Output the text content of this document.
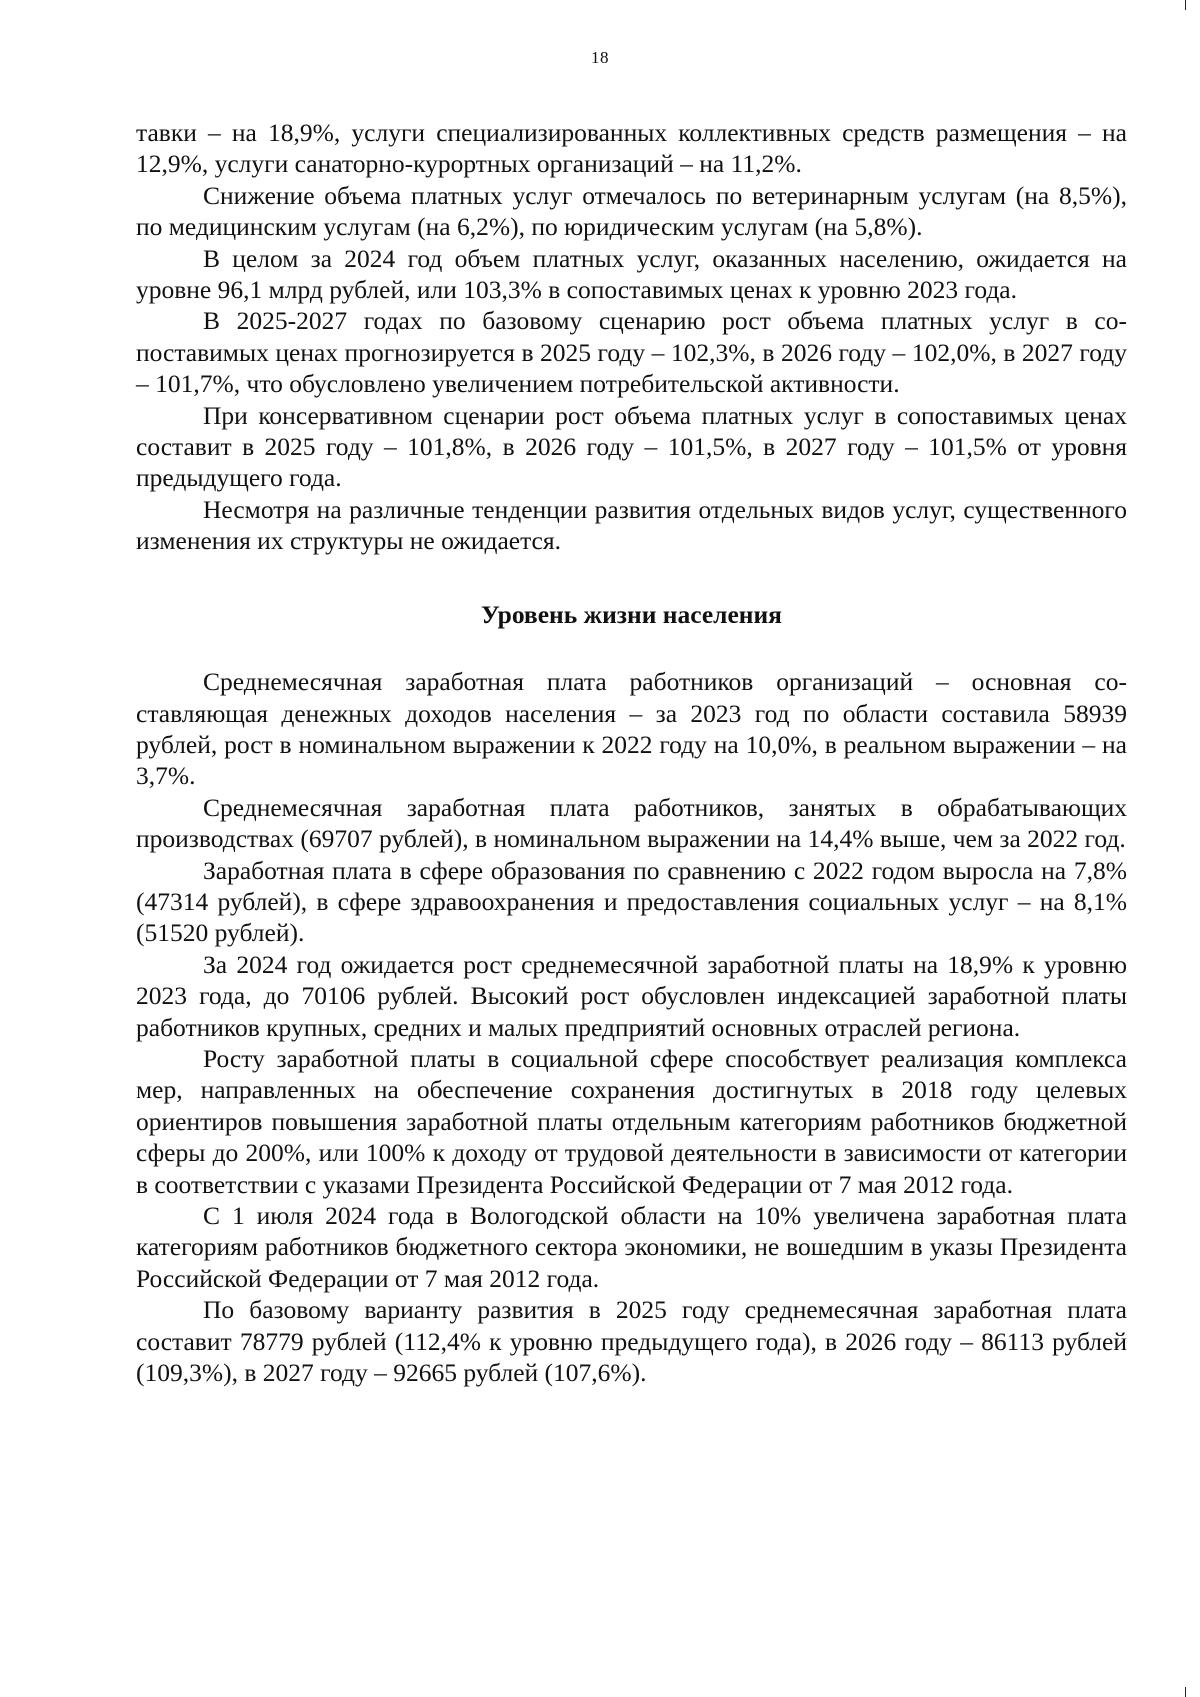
18

тавки – на 18,9%, услуги специализированных коллективных средств размещения – на 12,9%, услуги санаторно-курортных организаций – на 11,2%.

Снижение объема платных услуг отмечалось по ветеринарным услугам (на 8,5%), по медицинским услугам (на 6,2%), по юридическим услугам (на 5,8%).

В целом за 2024 год объем платных услуг, оказанных населению, ожидается на уровне 96,1 млрд рублей, или 103,3% в сопоставимых ценах к уровню 2023 года.

В 2025-2027 годах по базовому сценарию рост объема платных услуг в сопоставимых ценах прогнозируется в 2025 году – 102,3%, в 2026 году – 102,0%, в 2027 году – 101,7%, что обусловлено увеличением потребительской активности.

При консервативном сценарии рост объема платных услуг в сопоставимых ценах составит в 2025 году – 101,8%, в 2026 году – 101,5%, в 2027 году – 101,5% от уровня предыдущего года.

Несмотря на различные тенденции развития отдельных видов услуг, существенного изменения их структуры не ожидается.

Уровень жизни населения

Среднемесячная заработная плата работников организаций – основная составляющая денежных доходов населения – за 2023 год по области составила 58939 рублей, рост в номинальном выражении к 2022 году на 10,0%, в реальном выражении – на 3,7%.

Среднемесячная заработная плата работников, занятых в обрабатывающих производствах (69707 рублей), в номинальном выражении на 14,4% выше, чем за 2022 год.

Заработная плата в сфере образования по сравнению с 2022 годом выросла на 7,8% (47314 рублей), в сфере здравоохранения и предоставления социальных услуг – на 8,1% (51520 рублей).

За 2024 год ожидается рост среднемесячной заработной платы на 18,9% к уровню 2023 года, до 70106 рублей. Высокий рост обусловлен индексацией заработной платы работников крупных, средних и малых предприятий основных отраслей региона.

Росту заработной платы в социальной сфере способствует реализация комплекса мер, направленных на обеспечение сохранения достигнутых в 2018 году целевых ориентиров повышения заработной платы отдельным категориям работников бюджетной сферы до 200%, или 100% к доходу от трудовой деятельности в зависимости от категории в соответствии с указами Президента Российской Федерации от 7 мая 2012 года.

С 1 июля 2024 года в Вологодской области на 10% увеличена заработная плата категориям работников бюджетного сектора экономики, не вошедшим в указы Президента Российской Федерации от 7 мая 2012 года.

По базовому варианту развития в 2025 году среднемесячная заработная плата составит 78779 рублей (112,4% к уровню предыдущего года), в 2026 году – 86113 рублей (109,3%), в 2027 году – 92665 рублей (107,6%).
